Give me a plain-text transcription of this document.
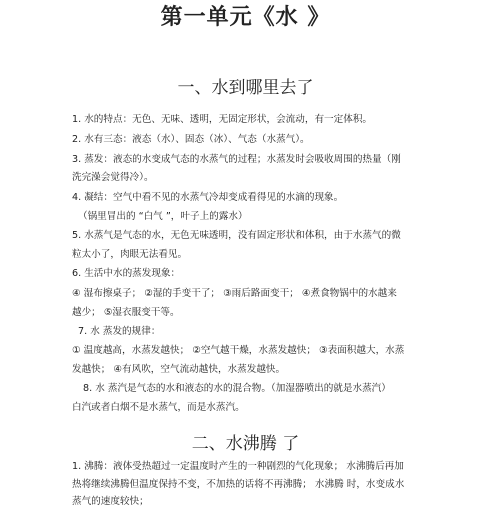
第一单元《水 》
一、水到哪里去了

1. 水的特点：无色、无味、透明，无固定形状，会流动，有一定体积。

2. 水有三态：液态（水）、固态（冰）、气态（水蒸气）。

3. 蒸发：液态的水变成气态的水蒸气的过程；水蒸发时会吸收周围的热量（刚

洗完澡会觉得冷）。

4. 凝结：空气中看不见的水蒸气冷却变成看得见的水滴的现象。

（锅里冒出的 “白气 ”，叶子上的露水）

5. 水蒸气是气态的水，无色无味透明，没有固定形状和体积，由于水蒸气的微

粒太小了，肉眼无法看见。

6. 生活中水的蒸发现象：

④ 湿布擦桌子； ②湿的手变干了； ③雨后路面变干； ④煮食物锅中的水越来

越少； ⑤湿衣服变干等。

7. 水 蒸发的规律：

① 温度越高，水蒸发越快； ②空气越干燥，水蒸发越快； ③表面积越大，水蒸

发越快； ④有风吹，空气流动越快，水蒸发越快。

8. 水 蒸汽是气态的水和液态的水的混合物。（加湿器喷出的就是水蒸汽）

白汽或者白烟不是水蒸气，而是水蒸汽。

二、水沸腾 了

1. 沸腾：液体受热超过一定温度时产生的一种剧烈的气化现象； 水沸腾后再加

热将继续沸腾但温度保持不变，不加热的话将不再沸腾； 水沸腾 时，水变成水

蒸气的速度较快；
